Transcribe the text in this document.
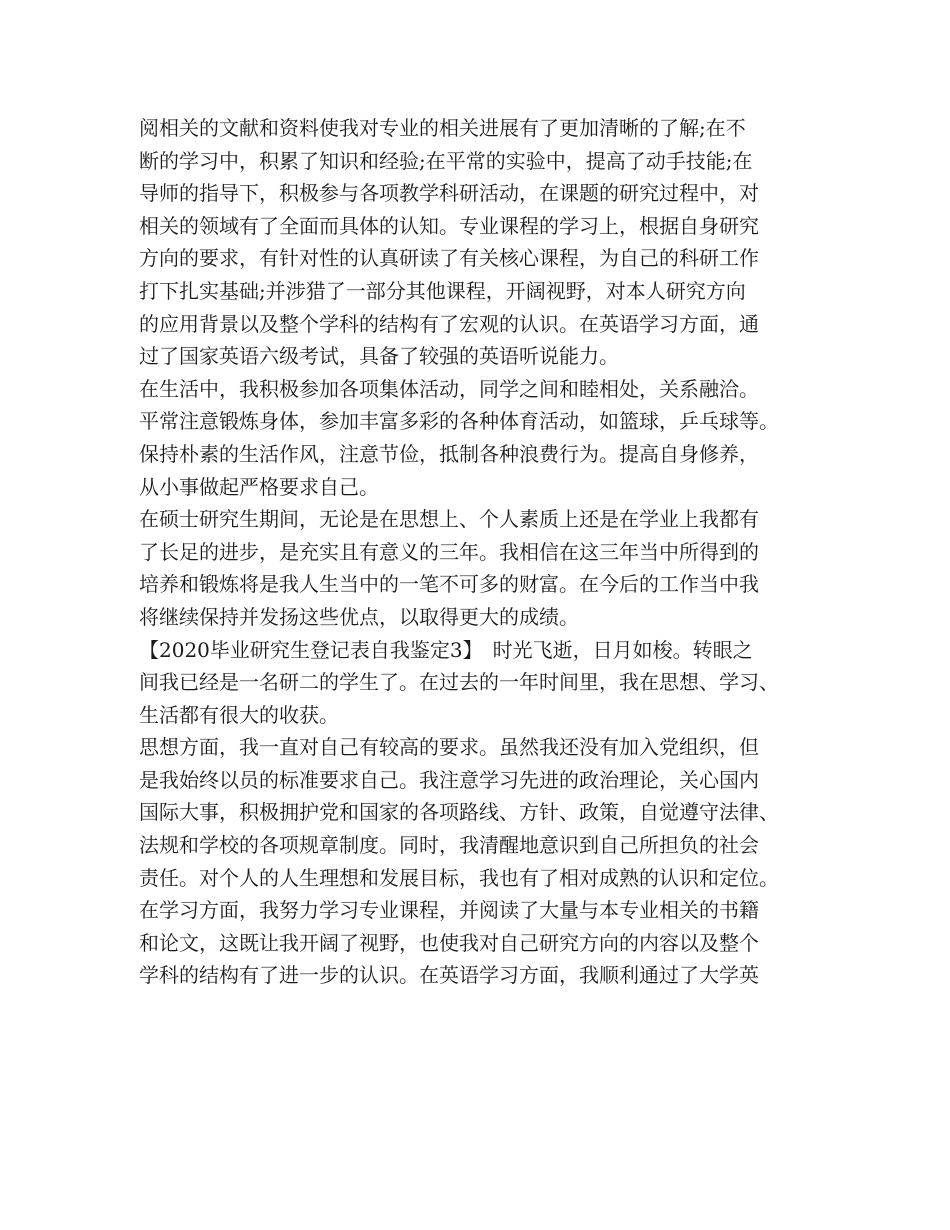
阅相关的文献和资料使我对专业的相关进展有了更加清晰的了解;在不
断的学习中，积累了知识和经验;在平常的实验中，提高了动手技能;在
导师的指导下，积极参与各项教学科研活动，在课题的研究过程中，对
相关的领域有了全面而具体的认知。专业课程的学习上，根据自身研究
方向的要求，有针对性的认真研读了有关核心课程，为自己的科研工作
打下扎实基础;并涉猎了一部分其他课程，开阔视野，对本人研究方向
的应用背景以及整个学科的结构有了宏观的认识。在英语学习方面，通
过了国家英语六级考试，具备了较强的英语听说能力。
在生活中，我积极参加各项集体活动，同学之间和睦相处，关系融洽。
平常注意锻炼身体，参加丰富多彩的各种体育活动，如篮球，乒乓球等。
保持朴素的生活作风，注意节俭，抵制各种浪费行为。提高自身修养，
从小事做起严格要求自己。
在硕士研究生期间，无论是在思想上、个人素质上还是在学业上我都有
了长足的进步，是充实且有意义的三年。我相信在这三年当中所得到的
培养和锻炼将是我人生当中的一笔不可多的财富。在今后的工作当中我
将继续保持并发扬这些优点，以取得更大的成绩。
【2020毕业研究生登记表自我鉴定3】　时光飞逝，日月如梭。转眼之
间我已经是一名研二的学生了。在过去的一年时间里，我在思想、学习、
生活都有很大的收获。
思想方面，我一直对自己有较高的要求。虽然我还没有加入党组织，但
是我始终以员的标准要求自己。我注意学习先进的政治理论，关心国内
国际大事，积极拥护党和国家的各项路线、方针、政策，自觉遵守法律、
法规和学校的各项规章制度。同时，我清醒地意识到自己所担负的社会
责任。对个人的人生理想和发展目标，我也有了相对成熟的认识和定位。
在学习方面，我努力学习专业课程，并阅读了大量与本专业相关的书籍
和论文，这既让我开阔了视野，也使我对自己研究方向的内容以及整个
学科的结构有了进一步的认识。在英语学习方面，我顺利通过了大学英
